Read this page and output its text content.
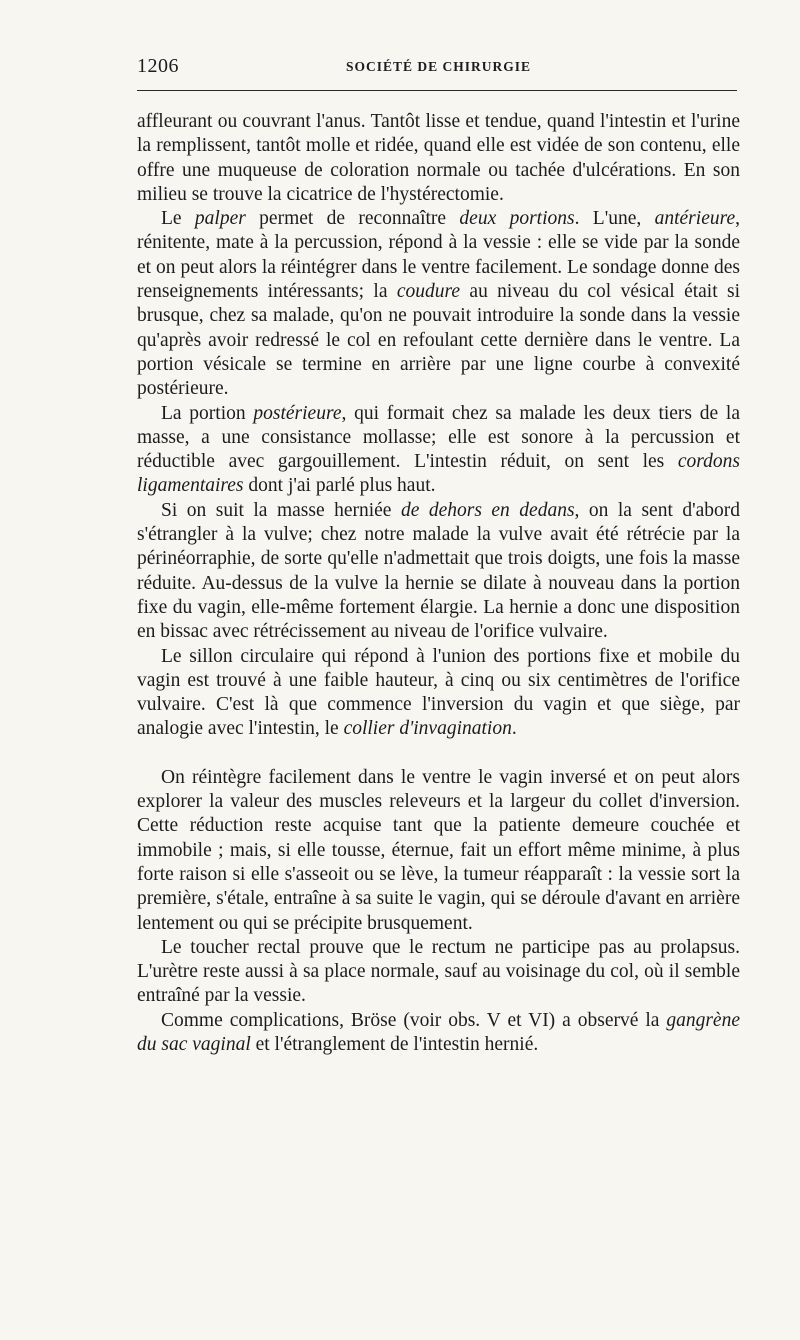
1206	SOCIÉTÉ DE CHIRURGIE

affleurant ou couvrant l'anus. Tantôt lisse et tendue, quand l'intestin et l'urine la remplissent, tantôt molle et ridée, quand elle est vidée de son contenu, elle offre une muqueuse de coloration normale ou tachée d'ulcérations. En son milieu se trouve la cicatrice de l'hystérectomie.

Le palper permet de reconnaître deux portions. L'une, antérieure, rénitente, mate à la percussion, répond à la vessie : elle se vide par la sonde et on peut alors la réintégrer dans le ventre facilement. Le sondage donne des renseignements intéressants; la coudure au niveau du col vésical était si brusque, chez sa malade, qu'on ne pouvait introduire la sonde dans la vessie qu'après avoir redressé le col en refoulant cette dernière dans le ventre. La portion vésicale se termine en arrière par une ligne courbe à convexité postérieure.

La portion postérieure, qui formait chez sa malade les deux tiers de la masse, a une consistance mollasse; elle est sonore à la percussion et réductible avec gargouillement. L'intestin réduit, on sent les cordons ligamentaires dont j'ai parlé plus haut.

Si on suit la masse herniée de dehors en dedans, on la sent d'abord s'étrangler à la vulve; chez notre malade la vulve avait été rétrécie par la périnéorraphie, de sorte qu'elle n'admettait que trois doigts, une fois la masse réduite. Au-dessus de la vulve la hernie se dilate à nouveau dans la portion fixe du vagin, elle-même fortement élargie. La hernie a donc une disposition en bissac avec rétrécissement au niveau de l'orifice vulvaire.

Le sillon circulaire qui répond à l'union des portions fixe et mobile du vagin est trouvé à une faible hauteur, à cinq ou six centimètres de l'orifice vulvaire. C'est là que commence l'inversion du vagin et que siège, par analogie avec l'intestin, le collier d'invagination.

On réintègre facilement dans le ventre le vagin inversé et on peut alors explorer la valeur des muscles releveurs et la largeur du collet d'inversion. Cette réduction reste acquise tant que la patiente demeure couchée et immobile ; mais, si elle tousse, éternue, fait un effort même minime, à plus forte raison si elle s'asseoit ou se lève, la tumeur réapparaît : la vessie sort la première, s'étale, entraîne à sa suite le vagin, qui se déroule d'avant en arrière lentement ou qui se précipite brusquement.

Le toucher rectal prouve que le rectum ne participe pas au prolapsus. L'urètre reste aussi à sa place normale, sauf au voisinage du col, où il semble entraîné par la vessie.

Comme complications, Bröse (voir obs. V et VI) a observé la gangrène du sac vaginal et l'étranglement de l'intestin hernié.
